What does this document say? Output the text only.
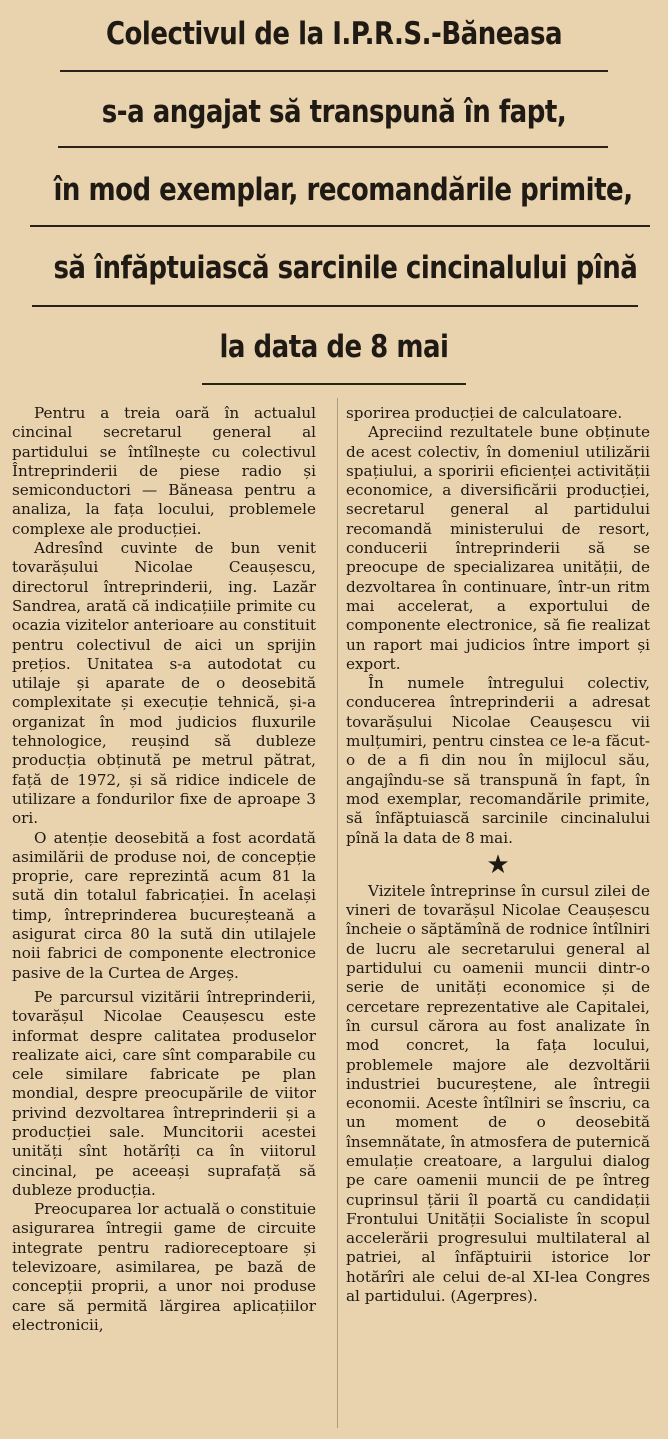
Colectivul de la I.P.R.S.-Băneasa
s-a angajat să transpună în fapt,
în mod exemplar, recomandările primite,
să înfăptuiască sarcinile cincinalului pînă
la data de 8 mai

Pentru a treia oară în actualul cincinal secretarul general al partidului se întîlnește cu colectivul Întreprinderii de piese radio și semiconductori — Băneasa pentru a analiza, la fața locului, problemele complexe ale producției.

Adresînd cuvinte de bun venit tovarășului Nicolae Ceaușescu, directorul întreprinderii, ing. Lazăr Sandrea, arată că indicațiile primite cu ocazia vizitelor anterioare au constituit pentru colectivul de aici un sprijin prețios. Unitatea s-a autodotat cu utilaje și aparate de o deosebită complexitate și execuție tehnică, și-a organizat în mod judicios fluxurile tehnologice, reușind să dubleze producția obținută pe metrul pătrat, față de 1972, și să ridice indicele de utilizare a fondurilor fixe de aproape 3 ori.

O atenție deosebită a fost acordată asimilării de produse noi, de concepție proprie, care reprezintă acum 81 la sută din totalul fabricației. În același timp, întreprinderea bucureșteană a asigurat circa 80 la sută din utilajele noii fabrici de componente electronice pasive de la Curtea de Argeș.

Pe parcursul vizitării întreprinderii, tovarășul Nicolae Ceaușescu este informat despre calitatea produselor realizate aici, care sînt comparabile cu cele similare fabricate pe plan mondial, despre preocupările de viitor privind dezvoltarea întreprinderii și a producției sale. Muncitorii acestei unități sînt hotărîți ca în viitorul cincinal, pe aceeași suprafață să dubleze producția.

Preocuparea lor actuală o constituie asigurarea întregii game de circuite integrate pentru radioreceptoare și televizoare, asimilarea, pe bază de concepții proprii, a unor noi produse care să permită lărgirea aplicațiilor electronicii,

sporirea producției de calculatoare.

Apreciind rezultatele bune obținute de acest colectiv, în domeniul utilizării spațiului, a sporirii eficienței activității economice, a diversificării producției, secretarul general al partidului recomandă ministerului de resort, conducerii întreprinderii să se preocupe de specializarea unității, de dezvoltarea în continuare, într-un ritm mai accelerat, a exportului de componente electronice, să fie realizat un raport mai judicios între import și export.

În numele întregului colectiv, conducerea întreprinderii a adresat tovarășului Nicolae Ceaușescu vii mulțumiri, pentru cinstea ce le-a făcut-o de a fi din nou în mijlocul său, angajîndu-se să transpună în fapt, în mod exemplar, recomandările primite, să înfăptuiască sarcinile cincinalului pînă la data de 8 mai.

★

Vizitele întreprinse în cursul zilei de vineri de tovarășul Nicolae Ceaușescu încheie o săptămînă de rodnice întîlniri de lucru ale secretarului general al partidului cu oamenii muncii dintr-o serie de unități economice și de cercetare reprezentative ale Capitalei, în cursul cărora au fost analizate în mod concret, la fața locului, problemele majore ale dezvoltării industriei bucureștene, ale întregii economii. Aceste întîlniri se înscriu, ca un moment de o deosebită însemnătate, în atmosfera de puternică emulație creatoare, a largului dialog pe care oamenii muncii de pe întreg cuprinsul țării îl poartă cu candidații Frontului Unității Socialiste în scopul accelerării progresului multilateral al patriei, al înfăptuirii istorice lor hotărîri ale celui de-al XI-lea Congres al partidului. (Agerpres).
